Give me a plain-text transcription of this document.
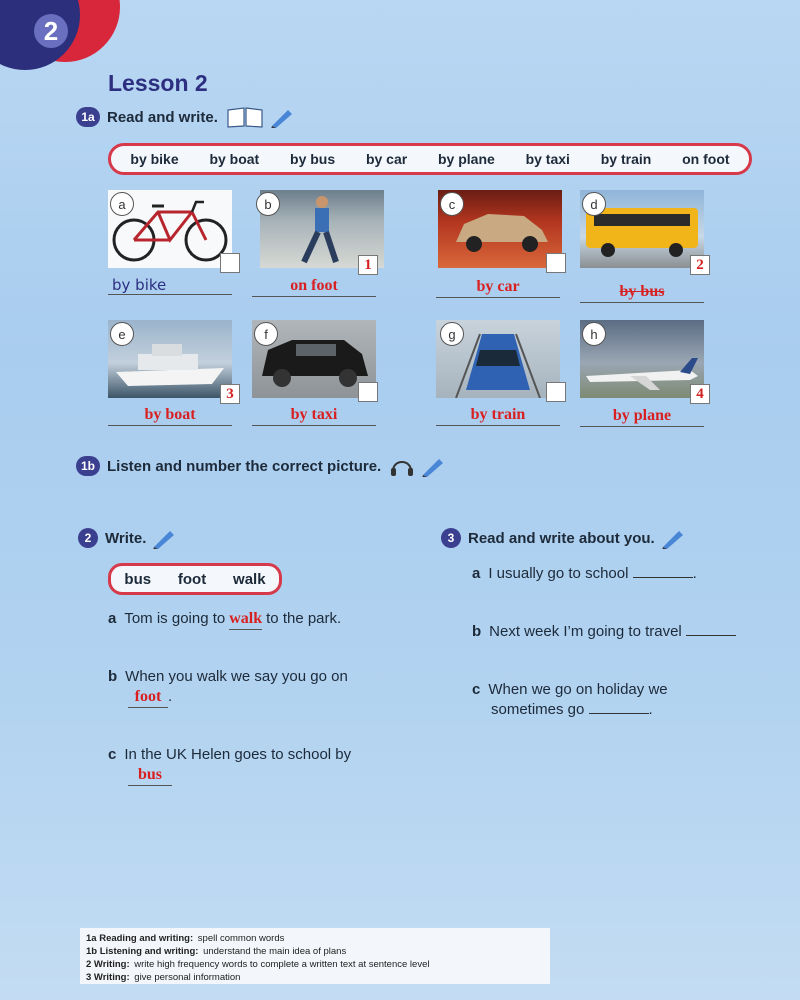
2
Lesson 2
1a Read and write.
by bike by boat by bus by car by plane by taxi by train on foot
a	b
1
c	d
2
by bike	on foot	by car	by bus
e
3
f	g	h
4
by boat	by taxi	by train	by plane
1b Listen and number the correct picture.
2 Write.
bus foot walk
a Tom is going to walk to the park.
b When you walk we say you go on
foot .
c In the UK Helen goes to school by
bus
3 Read and write about you.
a I usually go to school	.
b Next week I’m going to travel
c When we go on holiday we
sometimes go	.
1a Reading and writing: spell common words
1b Listening and writing: understand the main idea of plans
2 Writing: write high frequency words to complete a written text at sentence level
3 Writing: give personal information
